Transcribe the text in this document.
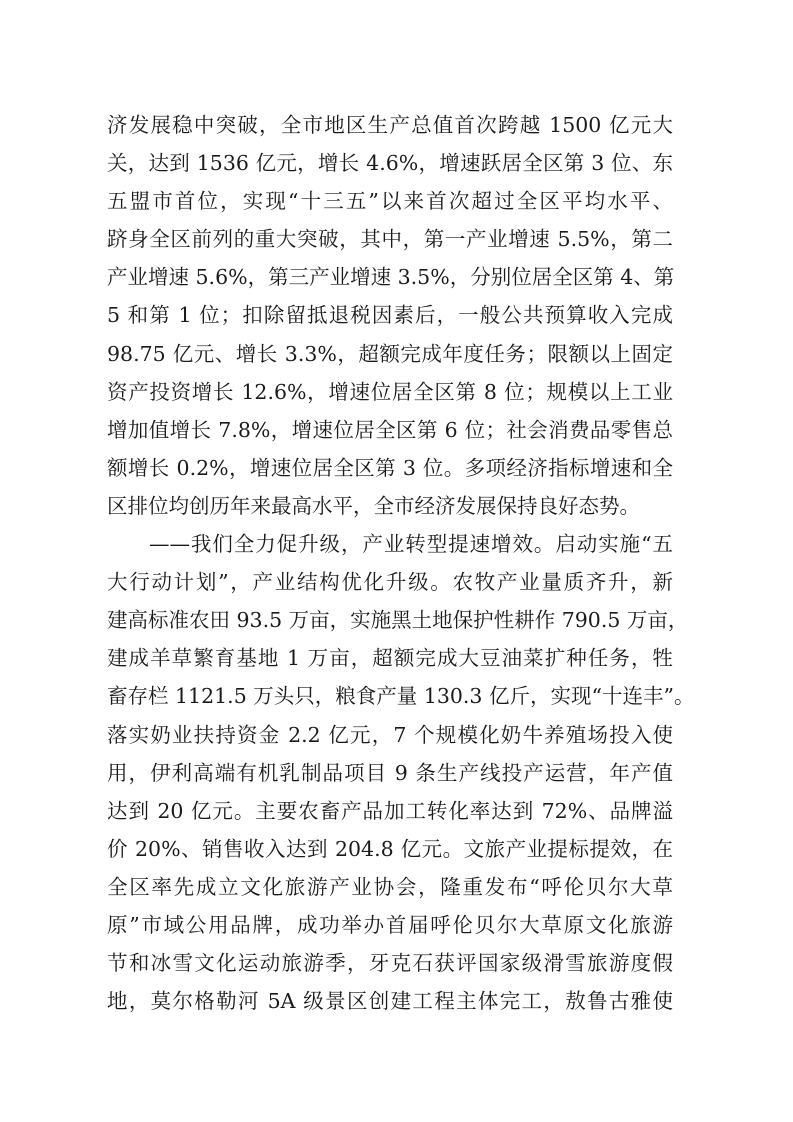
济发展稳中突破，全市地区生产总值首次跨越 1500 亿元大
关，达到 1536 亿元，增长 4.6%，增速跃居全区第 3 位、东
五盟市首位，实现“十三五”以来首次超过全区平均水平、
跻身全区前列的重大突破，其中，第一产业增速 5.5%，第二
产业增速 5.6%，第三产业增速 3.5%，分别位居全区第 4、第
5 和第 1 位；扣除留抵退税因素后，一般公共预算收入完成
98.75 亿元、增长 3.3%，超额完成年度任务；限额以上固定
资产投资增长 12.6%，增速位居全区第 8 位；规模以上工业
增加值增长 7.8%，增速位居全区第 6 位；社会消费品零售总
额增长 0.2%，增速位居全区第 3 位。多项经济指标增速和全
区排位均创历年来最高水平，全市经济发展保持良好态势。
——我们全力促升级，产业转型提速增效。启动实施“五
大行动计划”，产业结构优化升级。农牧产业量质齐升，新
建高标准农田 93.5 万亩，实施黑土地保护性耕作 790.5 万亩，
建成羊草繁育基地 1 万亩，超额完成大豆油菜扩种任务，牲
畜存栏 1121.5 万头只，粮食产量 130.3 亿斤，实现“十连丰”。
落实奶业扶持资金 2.2 亿元，7 个规模化奶牛养殖场投入使
用，伊利高端有机乳制品项目 9 条生产线投产运营，年产值
达到 20 亿元。主要农畜产品加工转化率达到 72%、品牌溢
价 20%、销售收入达到 204.8 亿元。文旅产业提标提效，在
全区率先成立文化旅游产业协会，隆重发布“呼伦贝尔大草
原”市域公用品牌，成功举办首届呼伦贝尔大草原文化旅游
节和冰雪文化运动旅游季，牙克石获评国家级滑雪旅游度假
地，莫尔格勒河 5A 级景区创建工程主体完工，敖鲁古雅使
